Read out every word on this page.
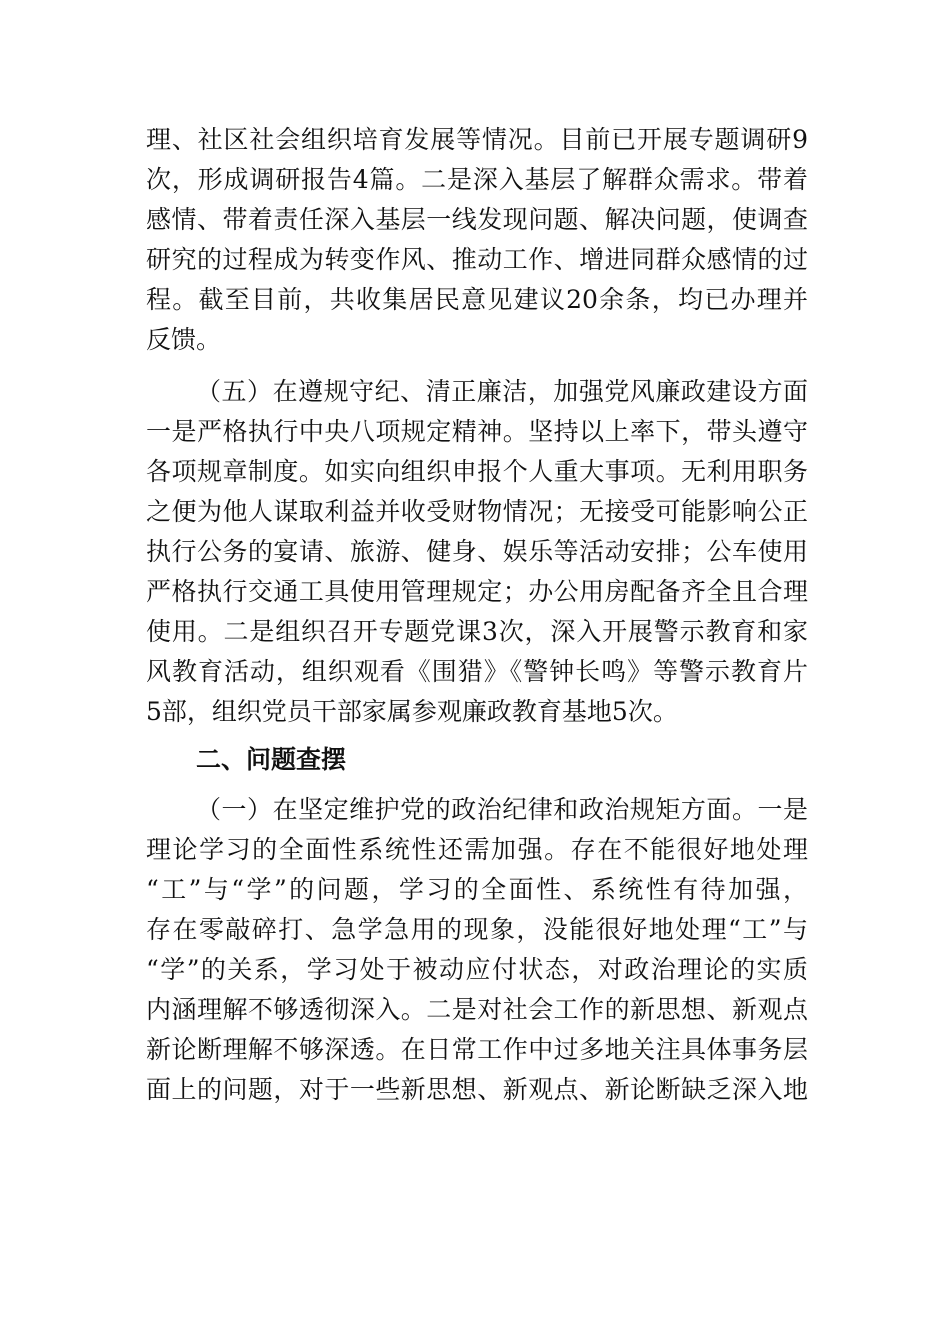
理、社区社会组织培育发展等情况。目前已开展专题调研9
次，形成调研报告4篇。二是深入基层了解群众需求。带着
感情、带着责任深入基层一线发现问题、解决问题，使调查
研究的过程成为转变作风、推动工作、增进同群众感情的过
程。截至目前，共收集居民意见建议20余条，均已办理并
反馈。
（五）在遵规守纪、清正廉洁，加强党风廉政建设方面
一是严格执行中央八项规定精神。坚持以上率下，带头遵守
各项规章制度。如实向组织申报个人重大事项。无利用职务
之便为他人谋取利益并收受财物情况；无接受可能影响公正
执行公务的宴请、旅游、健身、娱乐等活动安排；公车使用
严格执行交通工具使用管理规定；办公用房配备齐全且合理
使用。二是组织召开专题党课3次，深入开展警示教育和家
风教育活动，组织观看《围猎》《警钟长鸣》等警示教育片
5部，组织党员干部家属参观廉政教育基地5次。
二、问题查摆
（一）在坚定维护党的政治纪律和政治规矩方面。一是
理论学习的全面性系统性还需加强。存在不能很好地处理
“工”与“学”的问题，学习的全面性、系统性有待加强，
存在零敲碎打、急学急用的现象，没能很好地处理“工”与
“学”的关系，学习处于被动应付状态，对政治理论的实质
内涵理解不够透彻深入。二是对社会工作的新思想、新观点
新论断理解不够深透。在日常工作中过多地关注具体事务层
面上的问题，对于一些新思想、新观点、新论断缺乏深入地
